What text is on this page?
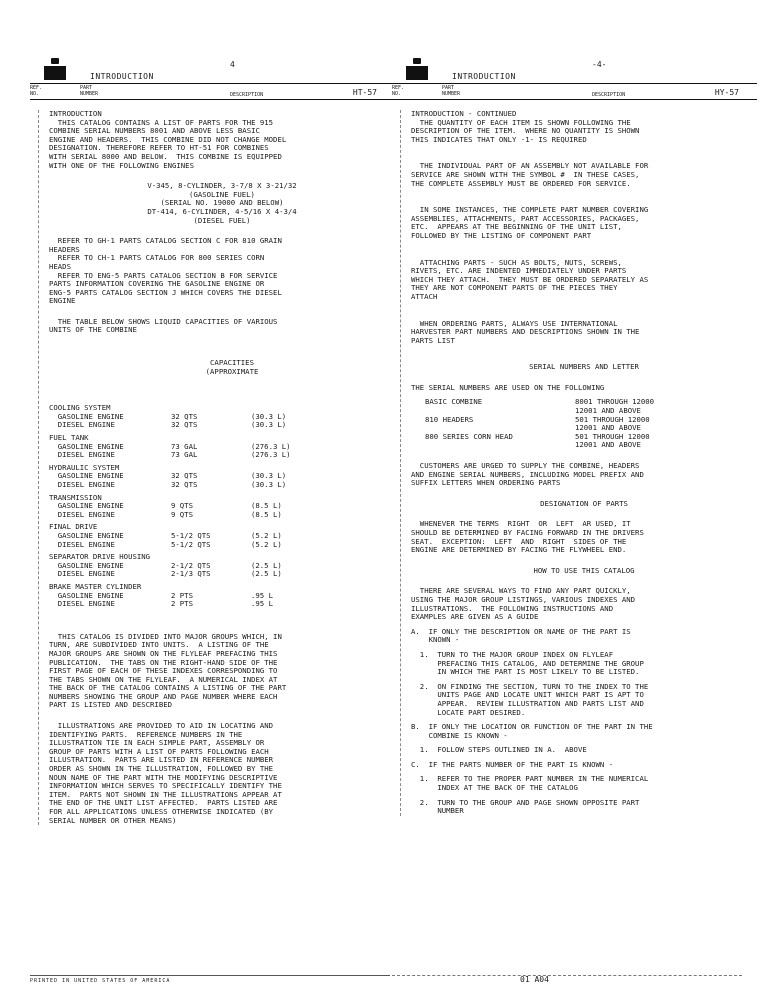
4
INTRODUCTION
REF.
NO.
PART
NUMBER	DESCRIPTION	HT-57

INTRODUCTION
THIS CATALOG CONTAINS A LIST OF PARTS FOR THE 915
COMBINE SERIAL NUMBERS 8001 AND ABOVE LESS BASIC
ENGINE AND HEADERS.  THIS COMBINE DID NOT CHANGE MODEL
DESIGNATION. THEREFORE REFER TO HT-51 FOR COMBINES
WITH SERIAL 8000 AND BELOW.  THIS COMBINE IS EQUIPPED
WITH ONE OF THE FOLLOWING ENGINES

V-345, 8-CYLINDER, 3-7/8 X 3-21/32
(GASOLINE FUEL)
(SERIAL NO. 19000 AND BELOW)
DT-414, 6-CYLINDER, 4-5/16 X 4-3/4
(DIESEL FUEL)

REFER TO GH-1 PARTS CATALOG SECTION C FOR 810 GRAIN
HEADERS
REFER TO CH-1 PARTS CATALOG FOR 800 SERIES CORN
HEADS
REFER TO ENG-5 PARTS CATALOG SECTION B FOR SERVICE
PARTS INFORMATION COVERING THE GASOLINE ENGINE OR
ENG-5 PARTS CATALOG SECTION J WHICH COVERS THE DIESEL
ENGINE

THE TABLE BELOW SHOWS LIQUID CAPACITIES OF VARIOUS
UNITS OF THE COMBINE

CAPACITIES
(APPROXIMATE

COOLING SYSTEM
GASOLINE ENGINE	32 QTS	(30.3 L)
DIESEL ENGINE	32 QTS	(30.3 L)
FUEL TANK
GASOLINE ENGINE	73 GAL	(276.3 L)
DIESEL ENGINE	73 GAL	(276.3 L)
HYDRAULIC SYSTEM
GASOLINE ENGINE	32 QTS	(30.3 L)
DIESEL ENGINE	32 QTS	(30.3 L)
TRANSMISSION
GASOLINE ENGINE	9 QTS	(8.5 L)
DIESEL ENGINE	9 QTS	(8.5 L)
FINAL DRIVE
GASOLINE ENGINE	5-1/2 QTS	(5.2 L)
DIESEL ENGINE	5-1/2 QTS	(5.2 L)
SEPARATOR DRIVE HOUSING
GASOLINE ENGINE	2-1/2 QTS	(2.5 L)
DIESEL ENGINE	2-1/3 QTS	(2.5 L)
BRAKE MASTER CYLINDER
GASOLINE ENGINE	2 PTS	.95 L
DIESEL ENGINE	2 PTS	.95 L

THIS CATALOG IS DIVIDED INTO MAJOR GROUPS WHICH, IN
TURN, ARE SUBDIVIDED INTO UNITS.  A LISTING OF THE
MAJOR GROUPS ARE SHOWN ON THE FLYLEAF PREFACING THIS
PUBLICATION.  THE TABS ON THE RIGHT-HAND SIDE OF THE
FIRST PAGE OF EACH OF THESE INDEXES CORRESPONDING TO
THE TABS SHOWN ON THE FLYLEAF.  A NUMERICAL INDEX AT
THE BACK OF THE CATALOG CONTAINS A LISTING OF THE PART
NUMBERS SHOWING THE GROUP AND PAGE NUMBER WHERE EACH
PART IS LISTED AND DESCRIBED

ILLUSTRATIONS ARE PROVIDED TO AID IN LOCATING AND
IDENTIFYING PARTS.  REFERENCE NUMBERS IN THE
ILLUSTRATION TIE IN EACH SIMPLE PART, ASSEMBLY OR
GROUP OF PARTS WITH A LIST OF PARTS FOLLOWING EACH
ILLUSTRATION.  PARTS ARE LISTED IN REFERENCE NUMBER
ORDER AS SHOWN IN THE ILLUSTRATION, FOLLOWED BY THE
NOUN NAME OF THE PART WITH THE MODIFYING DESCRIPTIVE
INFORMATION WHICH SERVES TO SPECIFICALLY IDENTIFY THE
ITEM.  PARTS NOT SHOWN IN THE ILLUSTRATIONS APPEAR AT
THE END OF THE UNIT LIST AFFECTED.  PARTS LISTED ARE
FOR ALL APPLICATIONS UNLESS OTHERWISE INDICATED (BY
SERIAL NUMBER OR OTHER MEANS)

-4-
INTRODUCTION
REF.
NO.
PART
NUMBER	DESCRIPTION	HY-57

INTRODUCTION - CONTINUED
THE QUANTITY OF EACH ITEM IS SHOWN FOLLOWING THE
DESCRIPTION OF THE ITEM.  WHERE NO QUANTITY IS SHOWN
THIS INDICATES THAT ONLY -1- IS REQUIRED

THE INDIVIDUAL PART OF AN ASSEMBLY NOT AVAILABLE FOR
SERVICE ARE SHOWN WITH THE SYMBOL #  IN THESE CASES,
THE COMPLETE ASSEMBLY MUST BE ORDERED FOR SERVICE.

IN SOME INSTANCES, THE COMPLETE PART NUMBER COVERING
ASSEMBLIES, ATTACHMENTS, PART ACCESSORIES, PACKAGES,
ETC.  APPEARS AT THE BEGINNING OF THE UNIT LIST,
FOLLOWED BY THE LISTING OF COMPONENT PART

ATTACHING PARTS - SUCH AS BOLTS, NUTS, SCREWS,
RIVETS, ETC. ARE INDENTED IMMEDIATELY UNDER PARTS
WHICH THEY ATTACH.  THEY MUST BE ORDERED SEPARATELY AS
THEY ARE NOT COMPONENT PARTS OF THE PIECES THEY
ATTACH

WHEN ORDERING PARTS, ALWAYS USE INTERNATIONAL
HARVESTER PART NUMBERS AND DESCRIPTIONS SHOWN IN THE
PARTS LIST

SERIAL NUMBERS AND LETTER

THE SERIAL NUMBERS ARE USED ON THE FOLLOWING

BASIC COMBINE	8001 THROUGH 12000
12001 AND ABOVE
810 HEADERS	501 THROUGH 12000
12001 AND ABOVE
800 SERIES CORN HEAD	501 THROUGH 12000
12001 AND ABOVE

CUSTOMERS ARE URGED TO SUPPLY THE COMBINE, HEADERS
AND ENGINE SERIAL NUMBERS, INCLUDING MODEL PREFIX AND
SUFFIX LETTERS WHEN ORDERING PARTS

DESIGNATION OF PARTS

WHENEVER THE TERMS  RIGHT  OR  LEFT  AR USED, IT
SHOULD BE DETERMINED BY FACING FORWARD IN THE DRIVERS
SEAT.  EXCEPTION:  LEFT  AND  RIGHT  SIDES OF THE
ENGINE ARE DETERMINED BY FACING THE FLYWHEEL END.

HOW TO USE THIS CATALOG

THERE ARE SEVERAL WAYS TO FIND ANY PART QUICKLY,
USING THE MAJOR GROUP LISTINGS, VARIOUS INDEXES AND
ILLUSTRATIONS.  THE FOLLOWING INSTRUCTIONS AND
EXAMPLES ARE GIVEN AS A GUIDE

A.  IF ONLY THE DESCRIPTION OR NAME OF THE PART IS
KNOWN -

1.  TURN TO THE MAJOR GROUP INDEX ON FLYLEAF
PREFACING THIS CATALOG, AND DETERMINE THE GROUP
IN WHICH THE PART IS MOST LIKELY TO BE LISTED.

2.  ON FINDING THE SECTION, TURN TO THE INDEX TO THE
UNITS PAGE AND LOCATE UNIT WHICH PART IS APT TO
APPEAR.  REVIEW ILLUSTRATION AND PARTS LIST AND
LOCATE PART DESIRED.

B.  IF ONLY THE LOCATION OR FUNCTION OF THE PART IN THE
COMBINE IS KNOWN -

1.  FOLLOW STEPS OUTLINED IN A.  ABOVE

C.  IF THE PARTS NUMBER OF THE PART IS KNOWN -

1.  REFER TO THE PROPER PART NUMBER IN THE NUMERICAL
INDEX AT THE BACK OF THE CATALOG

2.  TURN TO THE GROUP AND PAGE SHOWN OPPOSITE PART
NUMBER

PRINTED IN UNITED STATES OF AMERICA	01 A04
